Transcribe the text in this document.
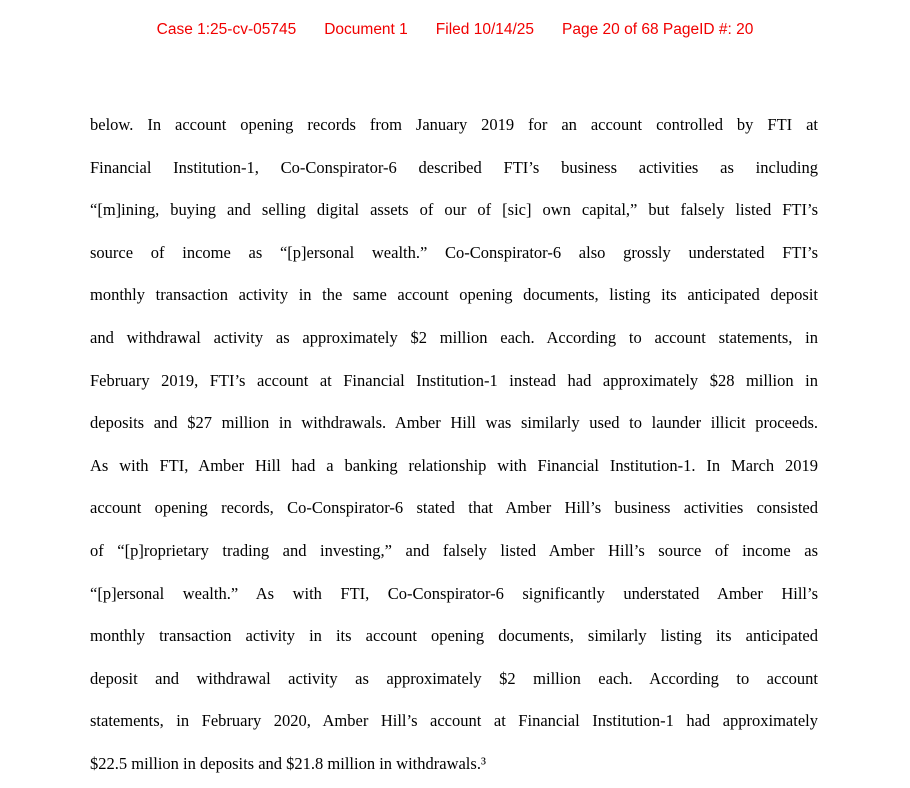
Case 1:25-cv-05745 Document 1 Filed 10/14/25 Page 20 of 68 PageID #: 20
below. In account opening records from January 2019 for an account controlled by FTI at
Financial Institution-1, Co-Conspirator-6 described FTI’s business activities as including
“[m]ining, buying and selling digital assets of our of [sic] own capital,” but falsely listed FTI’s
source of income as “[p]ersonal wealth.” Co-Conspirator-6 also grossly understated FTI’s
monthly transaction activity in the same account opening documents, listing its anticipated deposit
and withdrawal activity as approximately $2 million each. According to account statements, in
February 2019, FTI’s account at Financial Institution-1 instead had approximately $28 million in
deposits and $27 million in withdrawals. Amber Hill was similarly used to launder illicit proceeds.
As with FTI, Amber Hill had a banking relationship with Financial Institution-1. In March 2019
account opening records, Co-Conspirator-6 stated that Amber Hill’s business activities consisted
of “[p]roprietary trading and investing,” and falsely listed Amber Hill’s source of income as
“[p]ersonal wealth.” As with FTI, Co-Conspirator-6 significantly understated Amber Hill’s
monthly transaction activity in its account opening documents, similarly listing its anticipated
deposit and withdrawal activity as approximately $2 million each. According to account
statements, in February 2020, Amber Hill’s account at Financial Institution-1 had approximately
$22.5 million in deposits and $21.8 million in withdrawals.³
